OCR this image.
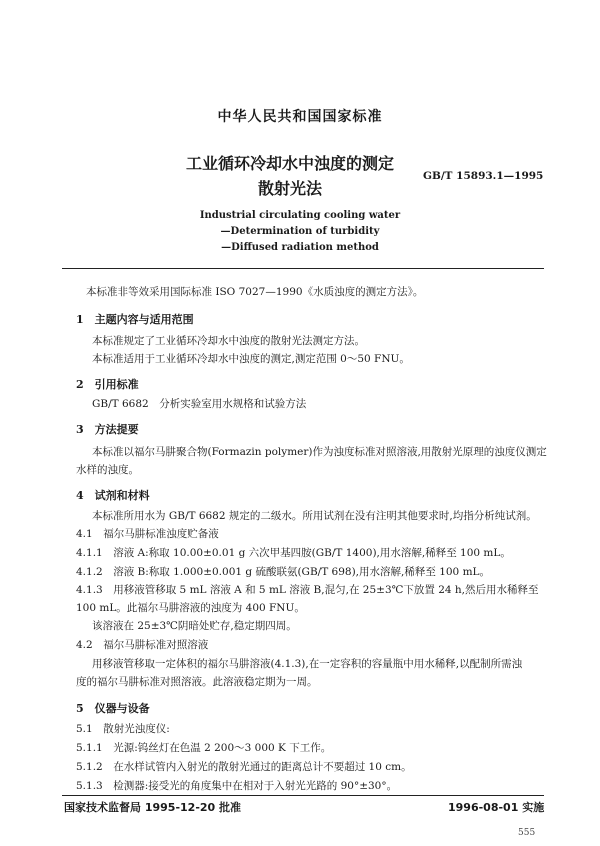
中华人民共和国国家标准
工业循环冷却水中浊度的测定
散射光法
GB/T 15893.1—1995
Industrial circulating cooling water
—Determination of turbidity
—Diffused radiation method
本标准非等效采用国际标准 ISO 7027—1990《水质浊度的测定方法》。
1　主题内容与适用范围
本标准规定了工业循环冷却水中浊度的散射光法测定方法。
本标准适用于工业循环冷却水中浊度的测定,测定范围 0～50 FNU。
2　引用标准
GB/T 6682　分析实验室用水规格和试验方法
3　方法提要
本标准以福尔马肼聚合物(Formazin polymer)作为浊度标准对照溶液,用散射光原理的浊度仪测定
水样的浊度。
4　试剂和材料
本标准所用水为 GB/T 6682 规定的二级水。所用试剂在没有注明其他要求时,均指分析纯试剂。
4.1　福尔马肼标准浊度贮备液
4.1.1　溶液 A:称取 10.00±0.01 g 六次甲基四胺(GB/T 1400),用水溶解,稀释至 100 mL。
4.1.2　溶液 B:称取 1.000±0.001 g 硫酸联氨(GB/T 698),用水溶解,稀释至 100 mL。
4.1.3　用移液管移取 5 mL 溶液 A 和 5 mL 溶液 B,混匀,在 25±3℃下放置 24 h,然后用水稀释至
100 mL。此福尔马肼溶液的浊度为 400 FNU。
该溶液在 25±3℃阴暗处贮存,稳定期四周。
4.2　福尔马肼标准对照溶液
用移液管移取一定体积的福尔马肼溶液(4.1.3),在一定容积的容量瓶中用水稀释,以配制所需浊
度的福尔马肼标准对照溶液。此溶液稳定期为一周。
5　仪器与设备
5.1　散射光浊度仪:
5.1.1　光源:钨丝灯在色温 2 200～3 000 K 下工作。
5.1.2　在水样试管内入射光的散射光通过的距离总计不要超过 10 cm。
5.1.3　检测器:接受光的角度集中在相对于入射光光路的 90°±30°。
国家技术监督局 1995-12-20 批准	1996-08-01 实施
555
